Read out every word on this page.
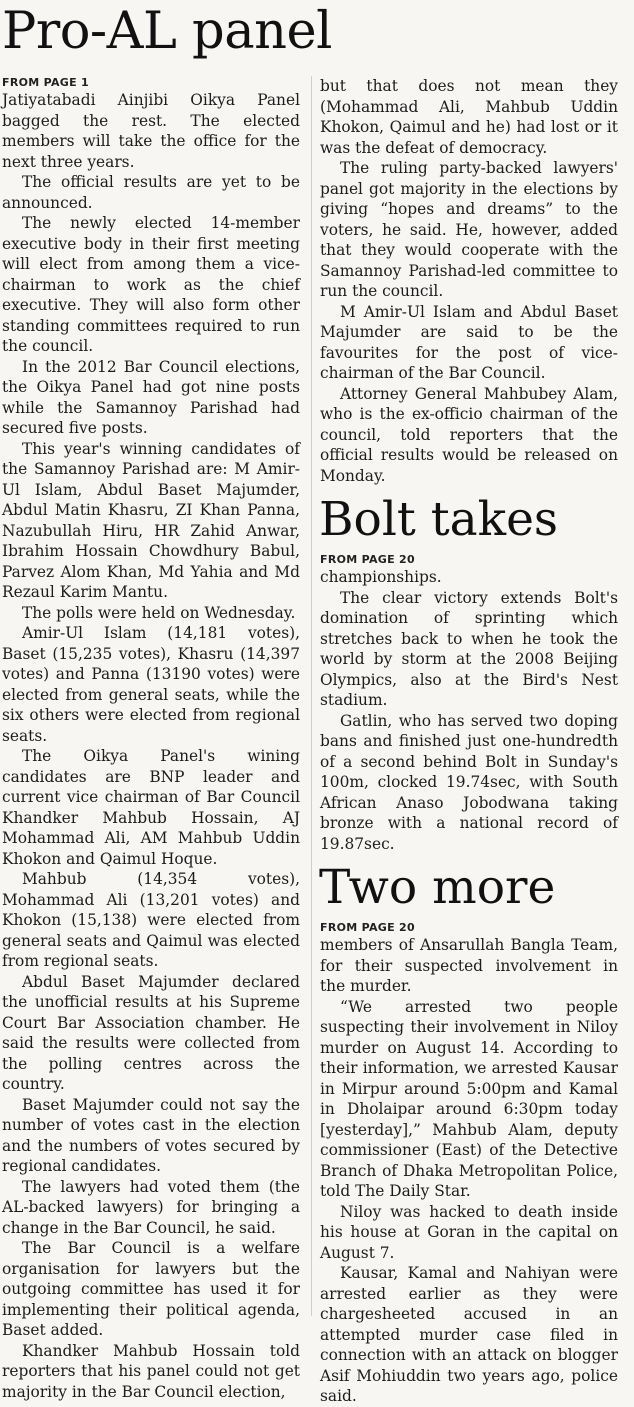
Pro-AL panel
FROM PAGE 1

Jatiyatabadi Ainjibi Oikya Panel bagged the rest. The elected members will take the office for the next three years.

The official results are yet to be announced.

The newly elected 14-member executive body in their first meeting will elect from among them a vice-chairman to work as the chief executive. They will also form other standing committees required to run the council.

In the 2012 Bar Council elections, the Oikya Panel had got nine posts while the Samannoy Parishad had secured five posts.

This year's winning candidates of the Samannoy Parishad are: M Amir-Ul Islam, Abdul Baset Majumder, Abdul Matin Khasru, ZI Khan Panna, Nazubullah Hiru, HR Zahid Anwar, Ibrahim Hossain Chowdhury Babul, Parvez Alom Khan, Md Yahia and Md Rezaul Karim Mantu.

The polls were held on Wednesday.

Amir-Ul Islam (14,181 votes), Baset (15,235 votes), Khasru (14,397 votes) and Panna (13190 votes) were elected from general seats, while the six others were elected from regional seats.

The Oikya Panel's wining candidates are BNP leader and current vice chairman of Bar Council Khandker Mahbub Hossain, AJ Mohammad Ali, AM Mahbub Uddin Khokon and Qaimul Hoque.

Mahbub (14,354 votes), Mohammad Ali (13,201 votes) and Khokon (15,138) were elected from general seats and Qaimul was elected from regional seats.

Abdul Baset Majumder declared the unofficial results at his Supreme Court Bar Association chamber. He said the results were collected from the polling centres across the country.

Baset Majumder could not say the number of votes cast in the election and the numbers of votes secured by regional candidates.

The lawyers had voted them (the AL-backed lawyers) for bringing a change in the Bar Council, he said.

The Bar Council is a welfare organisation for lawyers but the outgoing committee has used it for implementing their political agenda, Baset added.

Khandker Mahbub Hossain told reporters that his panel could not get majority in the Bar Council election,

but that does not mean they (Mohammad Ali, Mahbub Uddin Khokon, Qaimul and he) had lost or it was the defeat of democracy.

The ruling party-backed lawyers' panel got majority in the elections by giving “hopes and dreams” to the voters, he said. He, however, added that they would cooperate with the Samannoy Parishad-led committee to run the council.

M Amir-Ul Islam and Abdul Baset Majumder are said to be the favourites for the post of vice-chairman of the Bar Council.

Attorney General Mahbubey Alam, who is the ex-officio chairman of the council, told reporters that the official results would be released on Monday.

Bolt takes
FROM PAGE 20

championships.

The clear victory extends Bolt's domination of sprinting which stretches back to when he took the world by storm at the 2008 Beijing Olympics, also at the Bird's Nest stadium.

Gatlin, who has served two doping bans and finished just one-hundredth of a second behind Bolt in Sunday's 100m, clocked 19.74sec, with South African Anaso Jobodwana taking bronze with a national record of 19.87sec.

Two more
FROM PAGE 20

members of Ansarullah Bangla Team, for their suspected involvement in the murder.

“We arrested two people suspecting their involvement in Niloy murder on August 14. According to their information, we arrested Kausar in Mirpur around 5:00pm and Kamal in Dholaipar around 6:30pm today [yesterday],” Mahbub Alam, deputy commissioner (East) of the Detective Branch of Dhaka Metropolitan Police, told The Daily Star.

Niloy was hacked to death inside his house at Goran in the capital on August 7.

Kausar, Kamal and Nahiyan were arrested earlier as they were chargesheeted accused in an attempted murder case filed in connection with an attack on blogger Asif Mohiuddin two years ago, police said.
